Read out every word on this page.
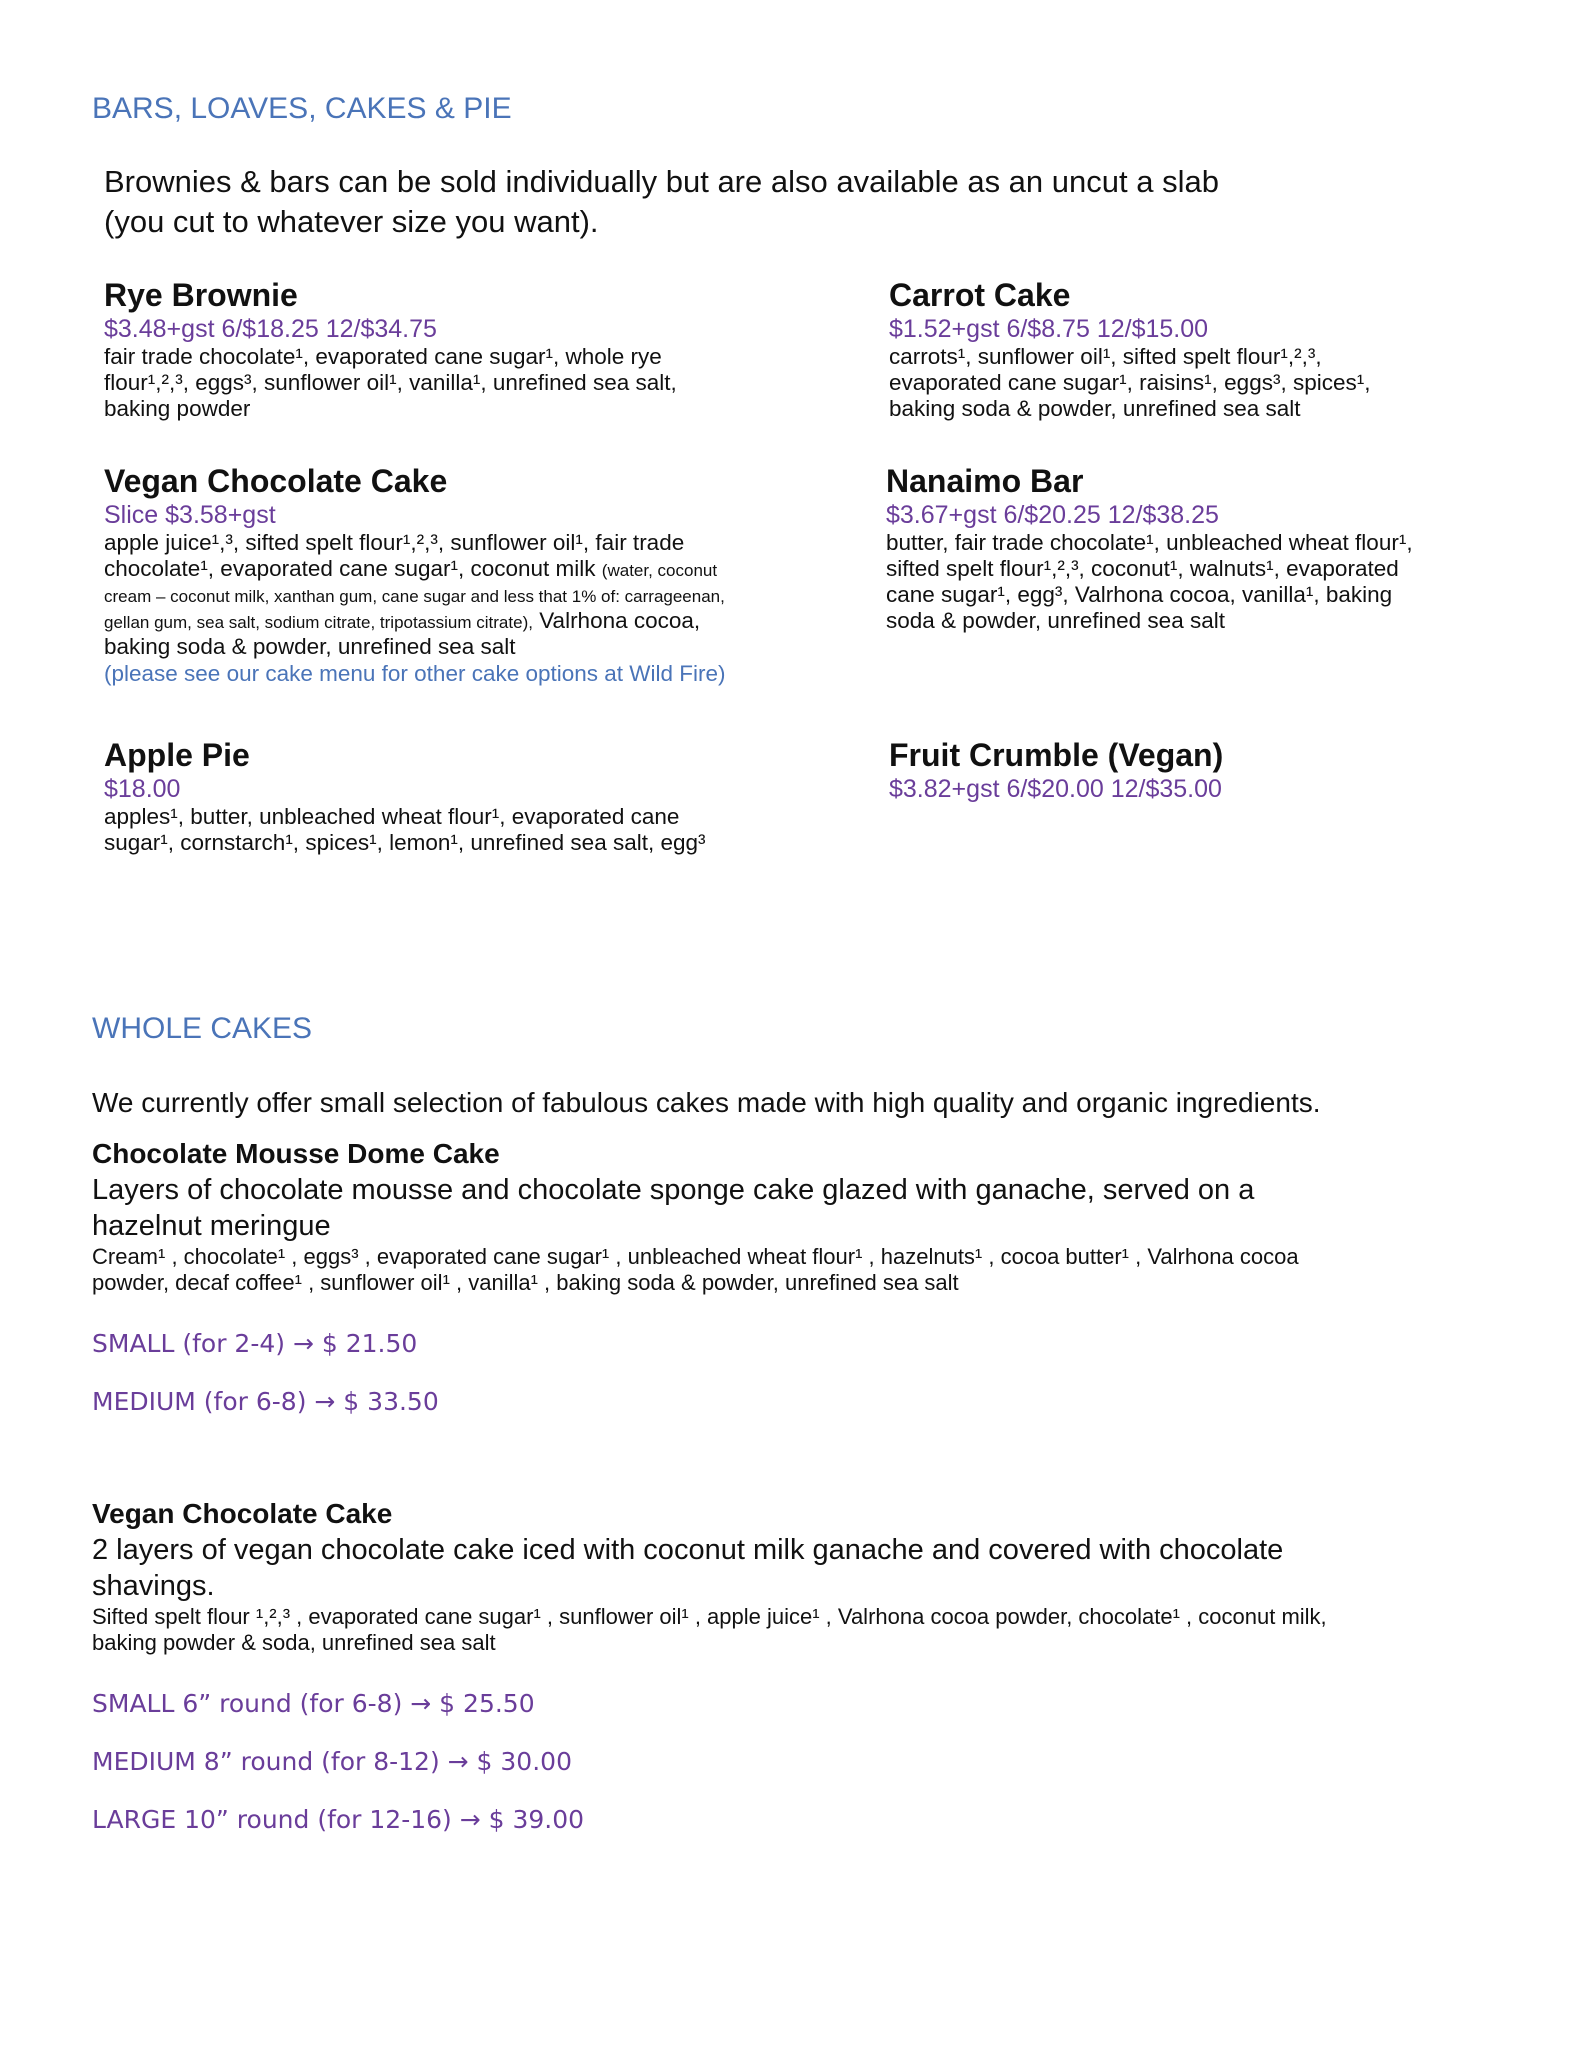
BARS, LOAVES, CAKES & PIE
Brownies & bars can be sold individually but are also available as an uncut a slab (you cut to whatever size you want).
Rye Brownie
$3.48+gst 6/$18.25 12/$34.75
fair trade chocolate¹, evaporated cane sugar¹, whole rye flour¹,²,³, eggs³, sunflower oil¹, vanilla¹, unrefined sea salt, baking powder
Carrot Cake
$1.52+gst 6/$8.75 12/$15.00
carrots¹, sunflower oil¹, sifted spelt flour¹,²,³, evaporated cane sugar¹, raisins¹, eggs³, spices¹, baking soda & powder, unrefined sea salt
Vegan Chocolate Cake
Slice $3.58+gst
apple juice¹,³, sifted spelt flour¹,²,³, sunflower oil¹, fair trade chocolate¹, evaporated cane sugar¹, coconut milk (water, coconut cream – coconut milk, xanthan gum, cane sugar and less that 1% of: carrageenan, gellan gum, sea salt, sodium citrate, tripotassium citrate), Valrhona cocoa, baking soda & powder, unrefined sea salt
(please see our cake menu for other cake options at Wild Fire)
Nanaimo Bar
$3.67+gst 6/$20.25 12/$38.25
butter, fair trade chocolate¹, unbleached wheat flour¹, sifted spelt flour¹,²,³, coconut¹, walnuts¹, evaporated cane sugar¹, egg³, Valrhona cocoa, vanilla¹, baking soda & powder, unrefined sea salt
Apple Pie
$18.00
apples¹, butter, unbleached wheat flour¹, evaporated cane sugar¹, cornstarch¹, spices¹, lemon¹, unrefined sea salt, egg³
Fruit Crumble (Vegan)
$3.82+gst 6/$20.00 12/$35.00
WHOLE CAKES
We currently offer small selection of fabulous cakes made with high quality and organic ingredients.
Chocolate Mousse Dome Cake
Layers of chocolate mousse and chocolate sponge cake glazed with ganache, served on a hazelnut meringue
Cream¹ , chocolate¹ , eggs³ , evaporated cane sugar¹ , unbleached wheat flour¹ , hazelnuts¹ , cocoa butter¹ , Valrhona cocoa powder, decaf coffee¹ , sunflower oil¹ , vanilla¹ , baking soda & powder, unrefined sea salt
SMALL (for 2-4) → $ 21.50
MEDIUM (for 6-8) → $ 33.50
Vegan Chocolate Cake
2 layers of vegan chocolate cake iced with coconut milk ganache and covered with chocolate shavings.
Sifted spelt flour ¹,²,³ , evaporated cane sugar¹ , sunflower oil¹ , apple juice¹ , Valrhona cocoa powder, chocolate¹ , coconut milk, baking powder & soda, unrefined sea salt
SMALL 6” round (for 6-8) → $ 25.50
MEDIUM 8” round (for 8-12) → $ 30.00
LARGE 10” round (for 12-16) → $ 39.00
